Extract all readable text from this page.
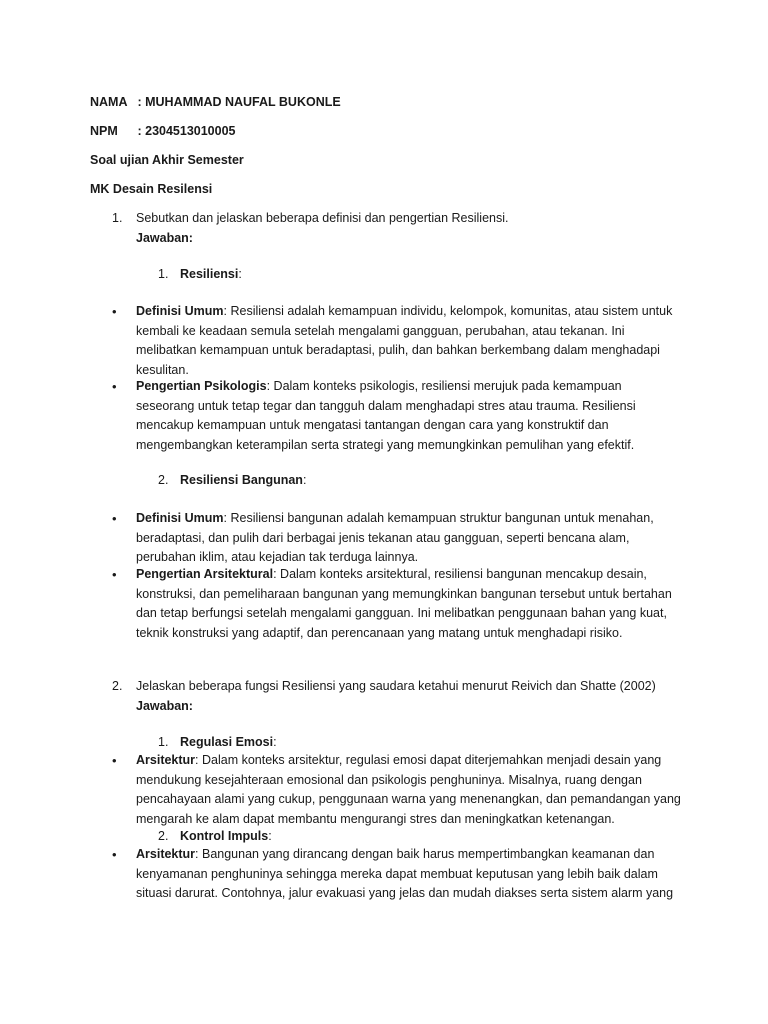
NAMA : MUHAMMAD NAUFAL BUKONLE
NPM : 2304513010005
Soal ujian Akhir Semester
MK Desain Resilensi
1. Sebutkan dan jelaskan beberapa definisi dan pengertian Resiliensi.
Jawaban:
1. Resiliensi:
• Definisi Umum: Resiliensi adalah kemampuan individu, kelompok, komunitas, atau sistem untuk kembali ke keadaan semula setelah mengalami gangguan, perubahan, atau tekanan. Ini melibatkan kemampuan untuk beradaptasi, pulih, dan bahkan berkembang dalam menghadapi kesulitan.
• Pengertian Psikologis: Dalam konteks psikologis, resiliensi merujuk pada kemampuan seseorang untuk tetap tegar dan tangguh dalam menghadapi stres atau trauma. Resiliensi mencakup kemampuan untuk mengatasi tantangan dengan cara yang konstruktif dan mengembangkan keterampilan serta strategi yang memungkinkan pemulihan yang efektif.
2. Resiliensi Bangunan:
• Definisi Umum: Resiliensi bangunan adalah kemampuan struktur bangunan untuk menahan, beradaptasi, dan pulih dari berbagai jenis tekanan atau gangguan, seperti bencana alam, perubahan iklim, atau kejadian tak terduga lainnya.
• Pengertian Arsitektural: Dalam konteks arsitektural, resiliensi bangunan mencakup desain, konstruksi, dan pemeliharaan bangunan yang memungkinkan bangunan tersebut untuk bertahan dan tetap berfungsi setelah mengalami gangguan. Ini melibatkan penggunaan bahan yang kuat, teknik konstruksi yang adaptif, dan perencanaan yang matang untuk menghadapi risiko.
2. Jelaskan beberapa fungsi Resiliensi yang saudara ketahui menurut Reivich dan Shatte (2002)
Jawaban:
1. Regulasi Emosi:
• Arsitektur: Dalam konteks arsitektur, regulasi emosi dapat diterjemahkan menjadi desain yang mendukung kesejahteraan emosional dan psikologis penghuninya. Misalnya, ruang dengan pencahayaan alami yang cukup, penggunaan warna yang menenangkan, dan pemandangan yang mengarah ke alam dapat membantu mengurangi stres dan meningkatkan ketenangan.
2. Kontrol Impuls:
• Arsitektur: Bangunan yang dirancang dengan baik harus mempertimbangkan keamanan dan kenyamanan penghuninya sehingga mereka dapat membuat keputusan yang lebih baik dalam situasi darurat. Contohnya, jalur evakuasi yang jelas dan mudah diakses serta sistem alarm yang
